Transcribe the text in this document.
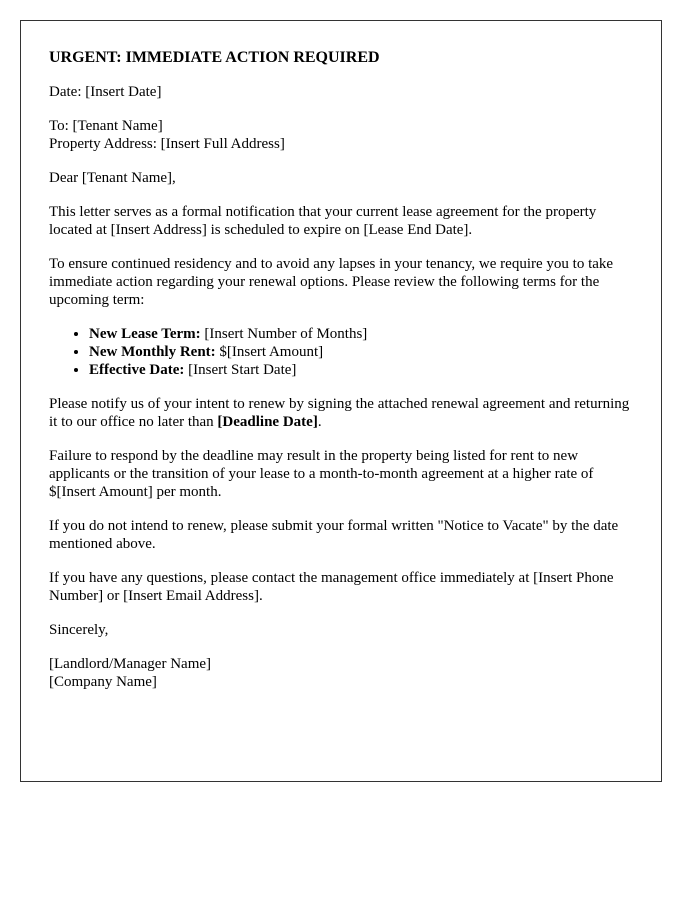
URGENT: IMMEDIATE ACTION REQUIRED

Date: [Insert Date]

To: [Tenant Name]
Property Address: [Insert Full Address]

Dear [Tenant Name],

This letter serves as a formal notification that your current lease agreement for the property located at [Insert Address] is scheduled to expire on [Lease End Date].

To ensure continued residency and to avoid any lapses in your tenancy, we require you to take immediate action regarding your renewal options. Please review the following terms for the upcoming term:

• New Lease Term: [Insert Number of Months]
• New Monthly Rent: $[Insert Amount]
• Effective Date: [Insert Start Date]

Please notify us of your intent to renew by signing the attached renewal agreement and returning it to our office no later than [Deadline Date].

Failure to respond by the deadline may result in the property being listed for rent to new applicants or the transition of your lease to a month-to-month agreement at a higher rate of $[Insert Amount] per month.

If you do not intend to renew, please submit your formal written "Notice to Vacate" by the date mentioned above.

If you have any questions, please contact the management office immediately at [Insert Phone Number] or [Insert Email Address].

Sincerely,

[Landlord/Manager Name]
[Company Name]
